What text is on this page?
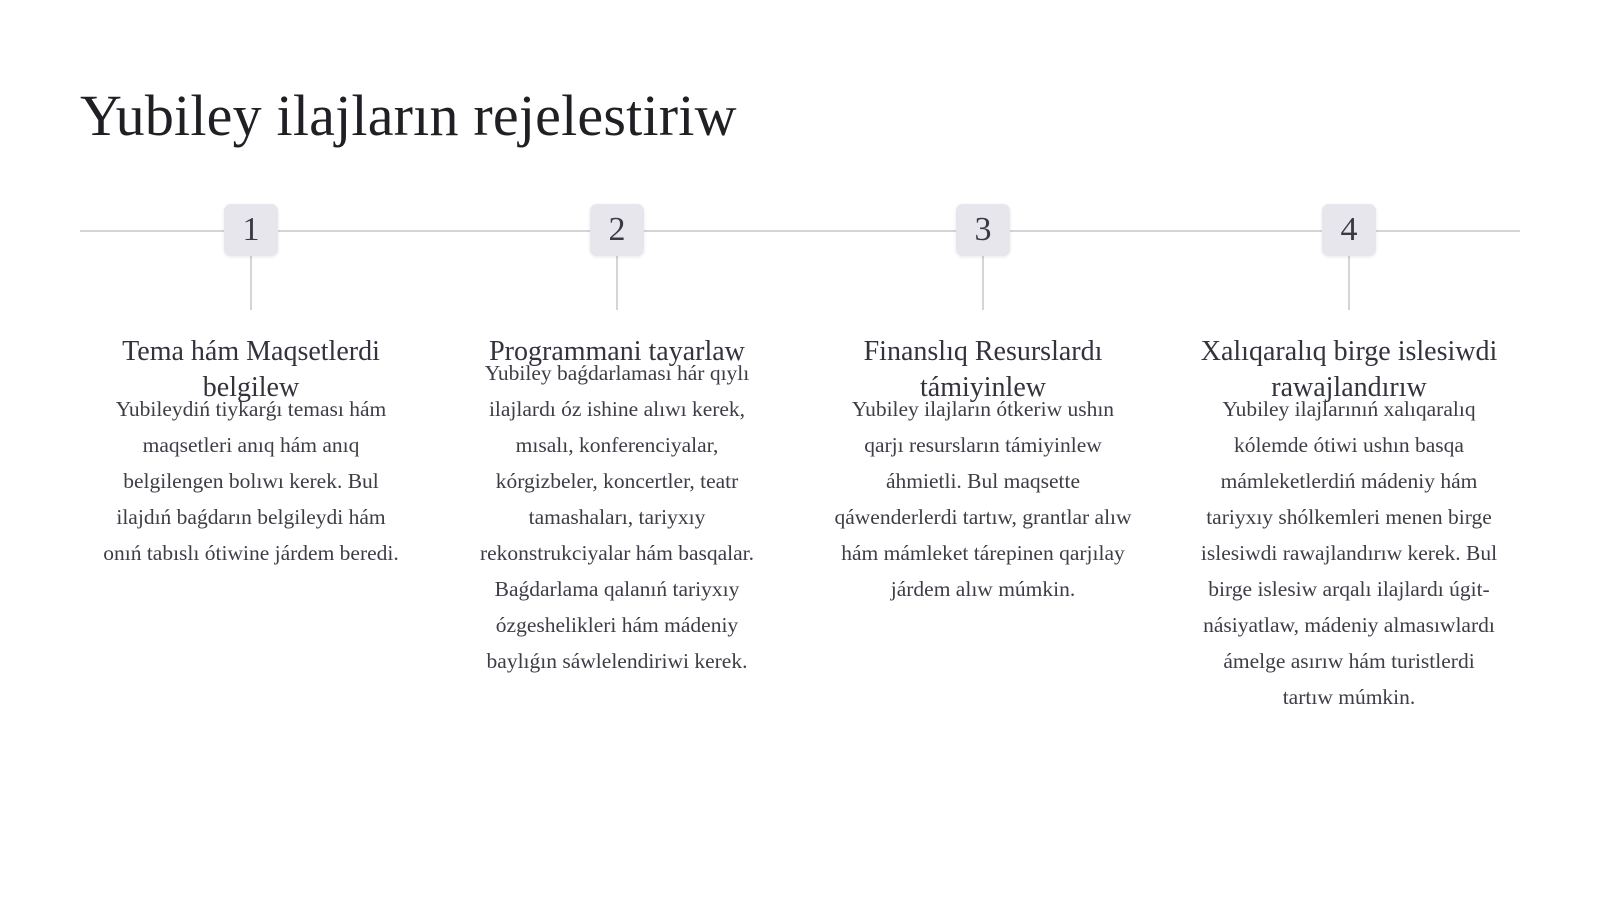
Yubiley ilajların rejelestiriw
1
Tema hám Maqsetlerdi belgilew

Yubileydiń tiykarǵı teması hám maqsetleri anıq hám anıq belgilengen bolıwı kerek. Bul ilajdıń baǵdarın belgileydi hám onıń tabıslı ótiwine járdem beredi.

2
Programmani tayarlaw

Yubiley baǵdarlaması hár qıylı ilajlardı óz ishine alıwı kerek, mısalı, konferenciyalar, kórgizbeler, koncertler, teatr tamashaları, tariyxıy rekonstrukciyalar hám basqalar. Baǵdarlama qalanıń tariyxıy ózgeshelikleri hám mádeniy baylıǵın sáwlelendiriwi kerek.

3
Finanslıq Resurslardı támiyinlew

Yubiley ilajların ótkeriw ushın qarjı resursların támiyinlew áhmietli. Bul maqsette qáwenderlerdi tartıw, grantlar alıw hám mámleket tárepinen qarjılay járdem alıw múmkin.

4
Xalıqaralıq birge islesiwdi rawajlandırıw

Yubiley ilajlarınıń xalıqaralıq kólemde ótiwi ushın basqa mámleketlerdiń mádeniy hám tariyxıy shólkemleri menen birge islesiwdi rawajlandırıw kerek. Bul birge islesiw arqalı ilajlardı úgit-násiyatlaw, mádeniy almasıwlardı ámelge asırıw hám turistlerdi tartıw múmkin.
